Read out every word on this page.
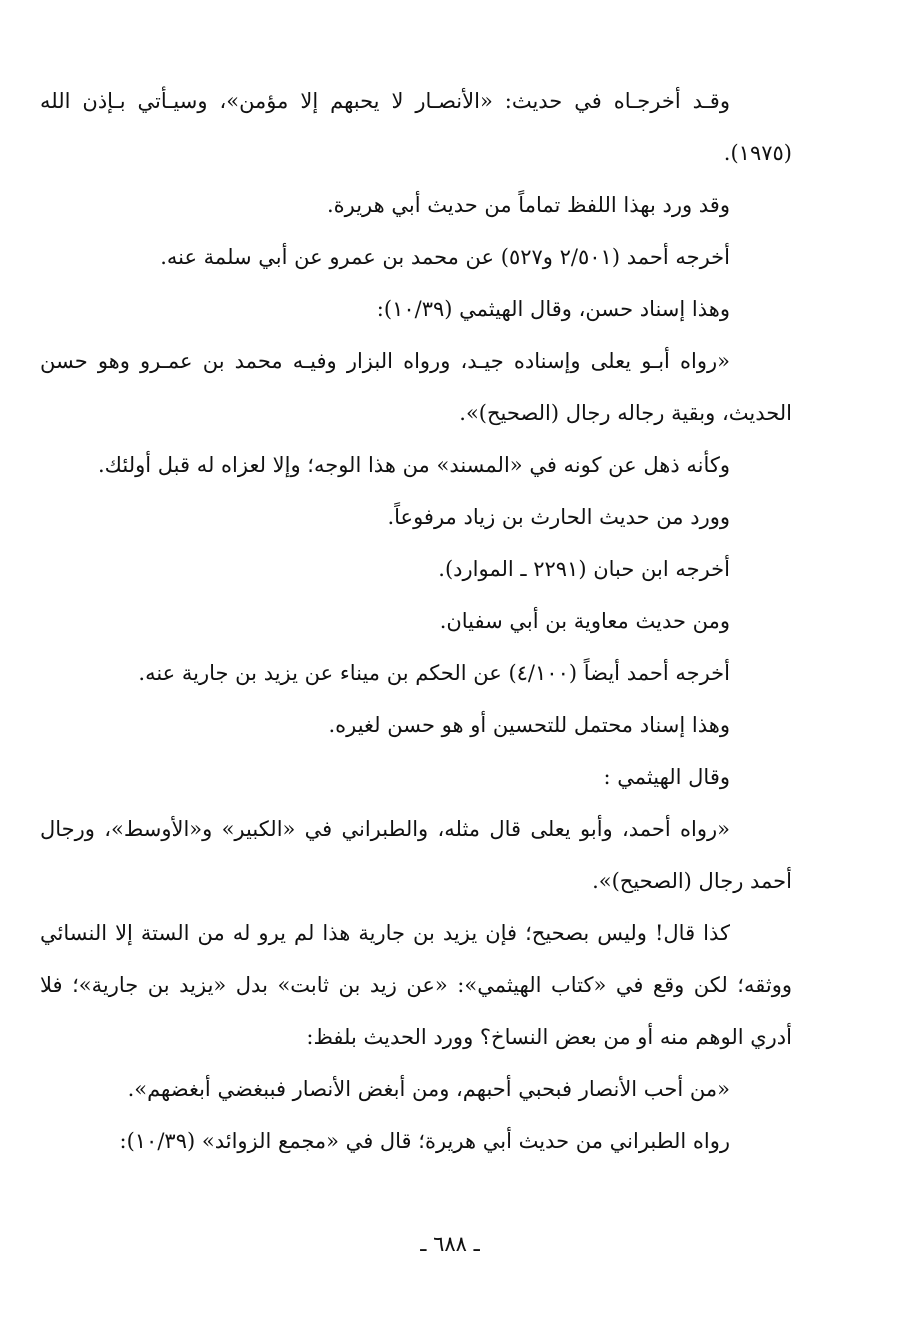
وقـد أخرجـاه في حديث: «الأنصـار لا يحبهم إلا مؤمن»، وسيـأتي بـإذن الله (١٩٧٥).

وقد ورد بهذا اللفظ تماماً من حديث أبي هريرة.

أخرجه أحمد (٢/٥٠١ و٥٢٧) عن محمد بن عمرو عن أبي سلمة عنه.

وهذا إسناد حسن، وقال الهيثمي (١٠/٣٩):

«رواه أبـو يعلى وإسناده جيـد، ورواه البزار وفيـه محمد بن عمـرو وهو حسن الحديث، وبقية رجاله رجال (الصحيح)».

وكأنه ذهل عن كونه في «المسند» من هذا الوجه؛ وإلا لعزاه له قبل أولئك.

وورد من حديث الحارث بن زياد مرفوعاً.

أخرجه ابن حبان (٢٢٩١ ـ الموارد).

ومن حديث معاوية بن أبي سفيان.

أخرجه أحمد أيضاً (٤/١٠٠) عن الحكم بن ميناء عن يزيد بن جارية عنه.

وهذا إسناد محتمل للتحسين أو هو حسن لغيره.

وقال الهيثمي :

«رواه أحمد، وأبو يعلى قال مثله، والطبراني في «الكبير» و«الأوسط»، ورجال أحمد رجال (الصحيح)».

كذا قال! وليس بصحيح؛ فإن يزيد بن جارية هذا لم يرو له من الستة إلا النسائي ووثقه؛ لكن وقع في «كتاب الهيثمي»: «عن زيد بن ثابت» بدل «يزيد بن جارية»؛ فلا أدري الوهم منه أو من بعض النساخ؟ وورد الحديث بلفظ:

«من أحب الأنصار فبحبي أحبهم، ومن أبغض الأنصار فببغضي أبغضهم».

رواه الطبراني من حديث أبي هريرة؛ قال في «مجمع الزوائد» (١٠/٣٩):

ـ ٦٨٨ ـ
